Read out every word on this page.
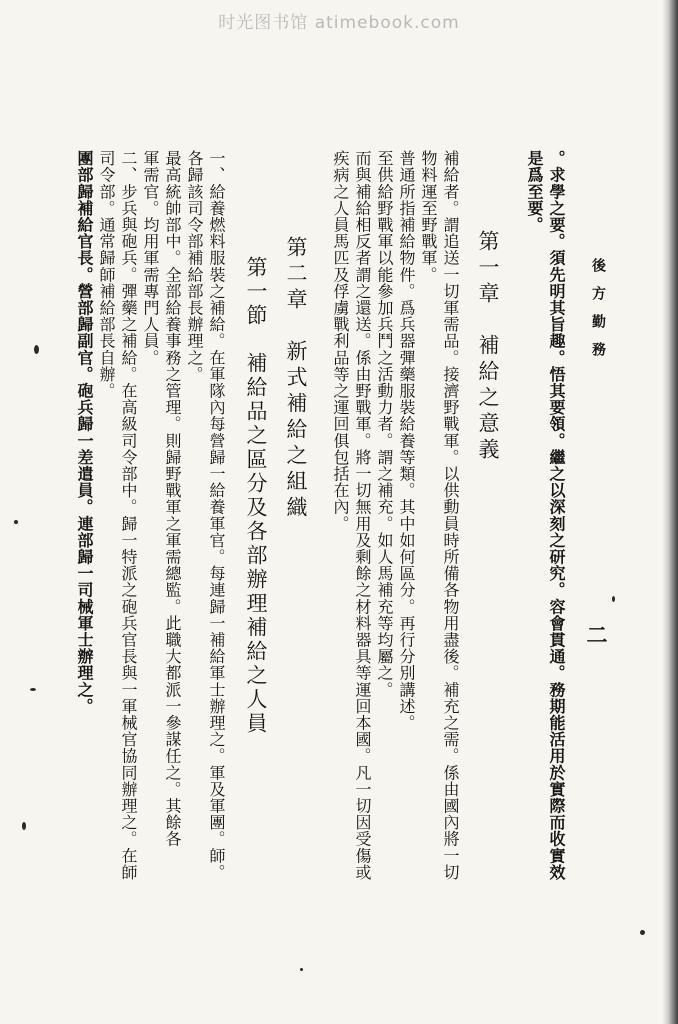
时光图书馆 atimebook.com
後方勤務
二
。求學之要。須先明其旨趣。悟其要領。繼之以深刻之研究。容會貫通。務期能活用於實際而收實效
是爲至要。
第一章　補給之意義
補給者。謂追送一切軍需品。接濟野戰軍。以供動員時所備各物用盡後。補充之需。係由國內將一切
物料運至野戰軍。
普通所指補給物件。爲兵器彈藥服裝給養等類。其中如何區分。再行分別講述。
至供給野戰軍以能參加兵鬥之活動力者。謂之補充。如人馬補充等均屬之。
而與補給相反者謂之還送。係由野戰軍。將一切無用及剩餘之材料器具等運回本國。凡一切因受傷或
疾病之人員馬匹及俘虜戰利品等之運回俱包括在內。
第二章　新式補給之組織
第一節　補給品之區分及各部辦理補給之人員
一、給養燃料服裝之補給。在軍隊內每營歸一給養軍官。每連歸一補給軍士辦理之。軍及軍團。師。
各歸該司令部補給部長辦理之。
最高統帥部中。全部給養事務之管理。則歸野戰軍之軍需總監。此職大都派一參謀任之。其餘各
軍需官。均用軍需專門人員。
二、步兵與砲兵。彈藥之補給。在高級司令部中。歸一特派之砲兵官長與一軍械官協同辦理之。在師
司令部。通常歸師補給部長自辦。
團部歸補給官長。營部歸副官。砲兵歸一差遣員。連部歸一司械軍士辦理之。
